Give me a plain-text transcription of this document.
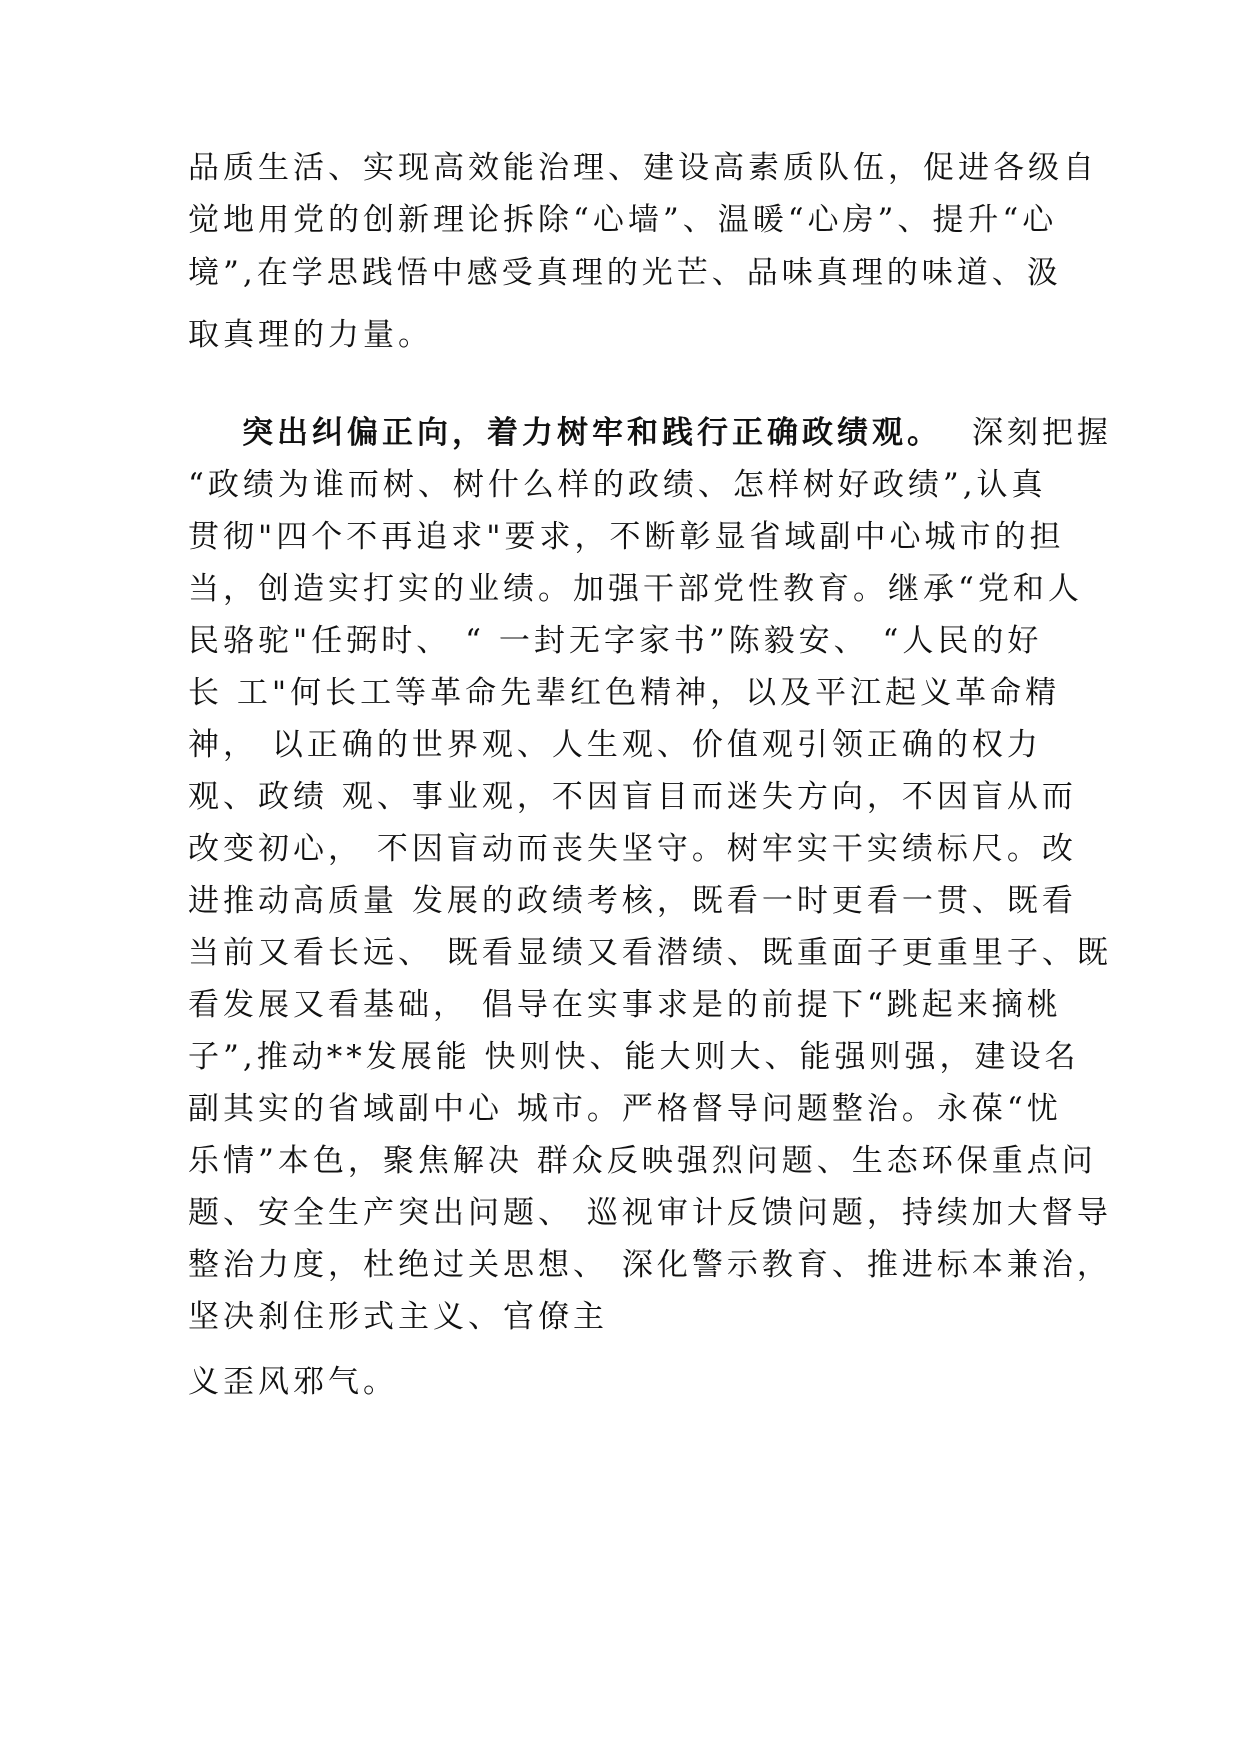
品质生活、实现高效能治理、建设高素质队伍，促进各级自
觉地用党的创新理论拆除“心墙”、温暖“心房”、提升“心
境”,在学思践悟中感受真理的光芒、品味真理的味道、汲
取真理的力量。
突出纠偏正向，着力树牢和践行正确政绩观。 深刻把握
“政绩为谁而树、树什么样的政绩、怎样树好政绩”,认真
贯彻"四个不再追求"要求，不断彰显省域副中心城市的担
当，创造实打实的业绩。加强干部党性教育。继承“党和人
民骆驼"任弼时、 “ 一封无字家书”陈毅安、 “人民的好
长 工"何长工等革命先辈红色精神，以及平江起义革命精
神， 以正确的世界观、人生观、价值观引领正确的权力
观、政绩 观、事业观，不因盲目而迷失方向，不因盲从而
改变初心， 不因盲动而丧失坚守。树牢实干实绩标尺。改
进推动高质量 发展的政绩考核，既看一时更看一贯、既看
当前又看长远、 既看显绩又看潜绩、既重面子更重里子、既
看发展又看基础， 倡导在实事求是的前提下“跳起来摘桃
子”,推动**发展能 快则快、能大则大、能强则强，建设名
副其实的省域副中心 城市。严格督导问题整治。永葆“忧
乐情”本色，聚焦解决 群众反映强烈问题、生态环保重点问
题、安全生产突出问题、 巡视审计反馈问题，持续加大督导
整治力度，杜绝过关思想、 深化警示教育、推进标本兼治，
坚决刹住形式主义、官僚主
义歪风邪气。
